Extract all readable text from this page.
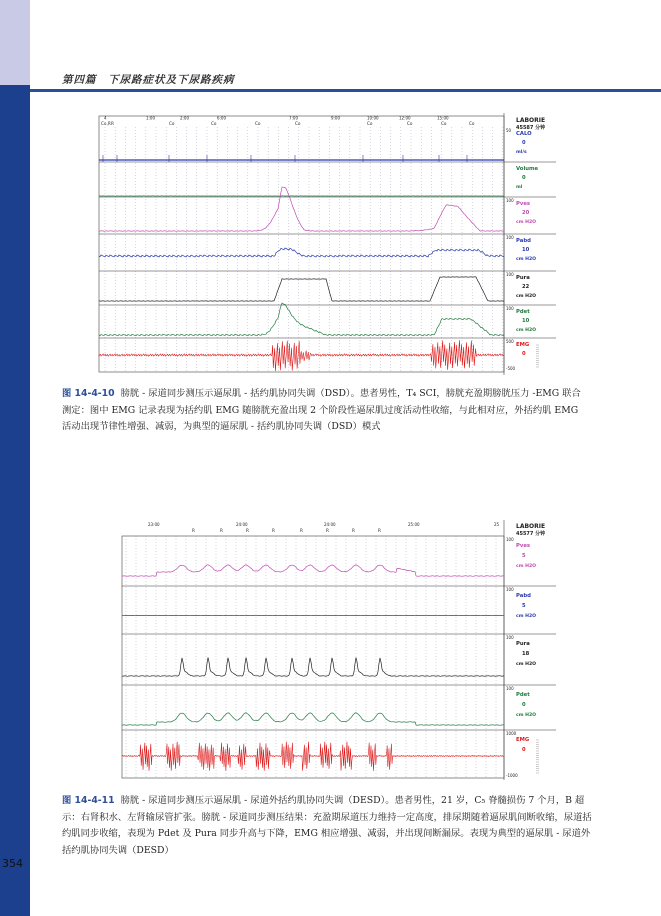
第四篇　下尿路症状及下尿路疾病
LABORIE
45587 分钟
4	1:00	2:00	6:00	7:00	9:00	10:00	12:00	15:00
Co,R R	Co	Co	Co	Co	Co	Co	Co	Co
50
CALO
0
ml/s
Volume
0
ml
100
Pves
20
cm H2O
100
Pabd
10
cm H2O
100
Pura
22
cm H2O
100
Pdet
10
cm H2O
500
EMG
0
-500
图 14-4-10 膀胱 - 尿道同步测压示逼尿肌 - 括约肌协同失调（DSD）。患者男性，T₄ SCI，膀胱充盈期膀胱压力 -EMG 联合测定：图中 EMG 记录表现为括约肌 EMG 随膀胱充盈出现 2 个阶段性逼尿肌过度活动性收缩，与此相对应，外括约肌 EMG 活动出现节律性增强、减弱，为典型的逼尿肌 - 括约肌协同失调（DSD）模式
LABORIE
45577 分钟
23:00	24:00	24:00	25:00	25
R	R	R	R	R	R	R	R
100
Pves
5
cm H2O
100
Pabd
5
cm H2O
100
Pura
18
cm H2O
100
Pdet
0
cm H2O
1000
EMG
0
-1000
图 14-4-11 膀胱 - 尿道同步测压示逼尿肌 - 尿道外括约肌协同失调（DESD）。患者男性，21 岁，C₅ 脊髓损伤 7 个月，B 超示：右肾积水、左肾输尿管扩张。膀胱 - 尿道同步测压结果：充盈期尿道压力维持一定高度，排尿期随着逼尿肌间断收缩，尿道括约肌同步收缩，表现为 Pdet 及 Pura 同步升高与下降，EMG 相应增强、减弱，并出现间断漏尿。表现为典型的逼尿肌 - 尿道外括约肌协同失调（DESD）
354
